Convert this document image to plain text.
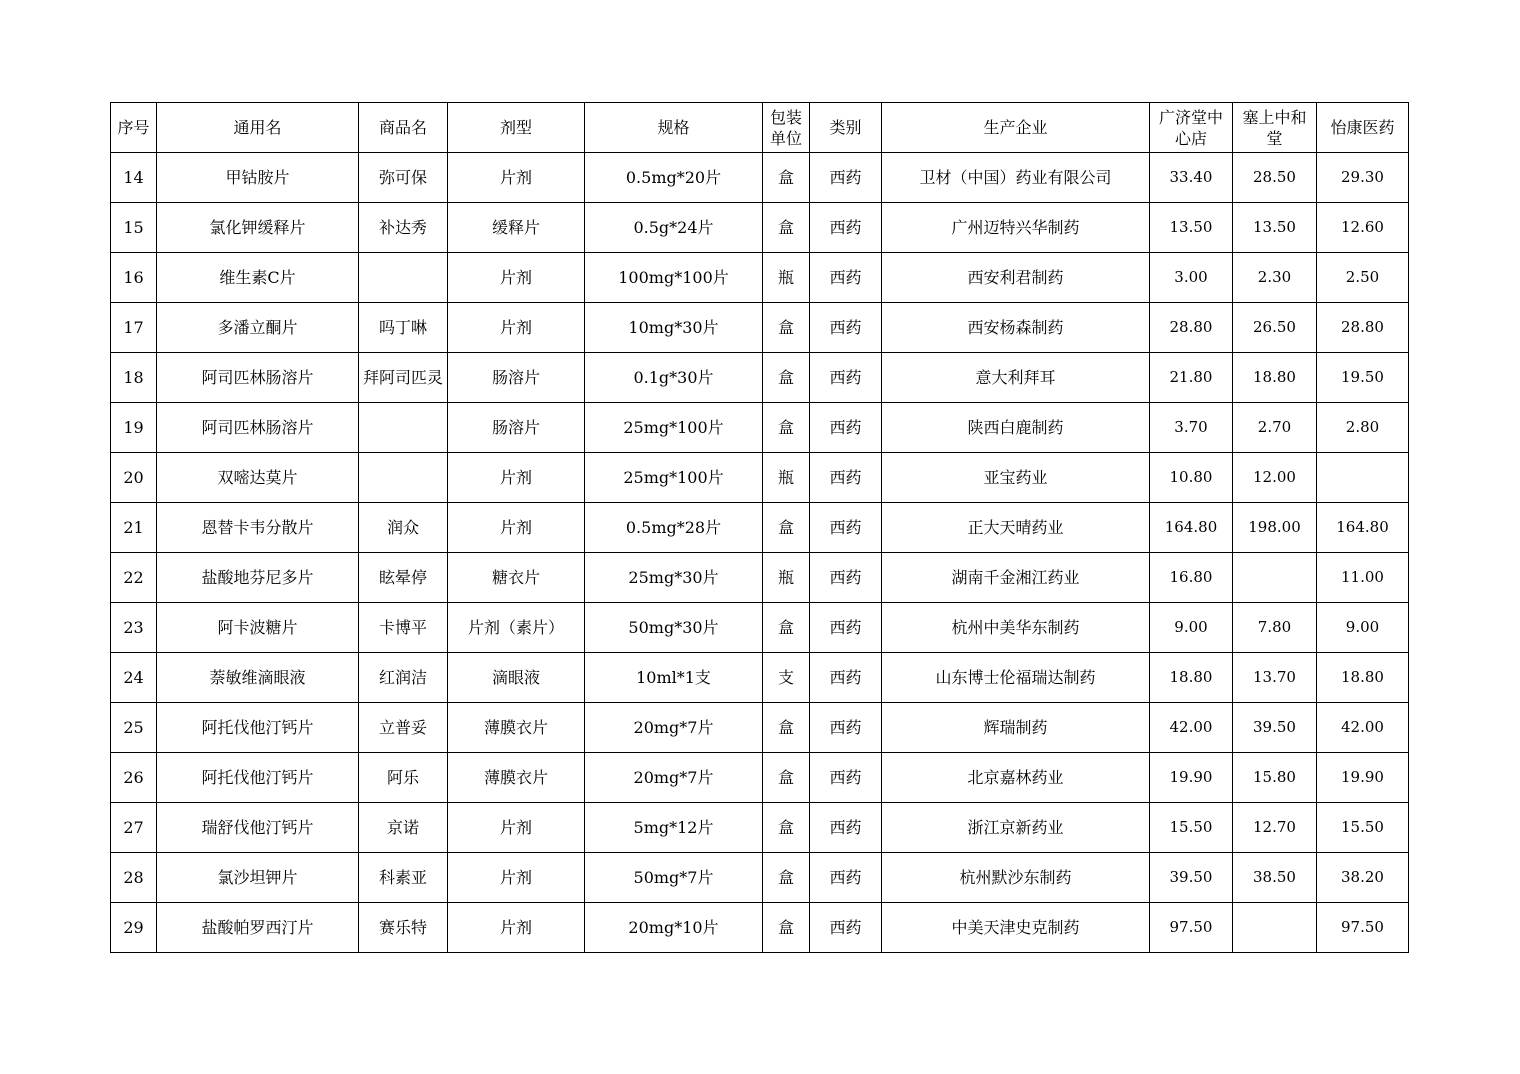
序号	通用名	商品名	剂型	规格	包装单位	类别	生产企业	广济堂中心店	塞上中和堂	怡康医药
14	甲钴胺片	弥可保	片剂	0.5mg*20片	盒	西药	卫材（中国）药业有限公司	33.40	28.50	29.30
15	氯化钾缓释片	补达秀	缓释片	0.5g*24片	盒	西药	广州迈特兴华制药	13.50	13.50	12.60
16	维生素C片		片剂	100mg*100片	瓶	西药	西安利君制药	3.00	2.30	2.50
17	多潘立酮片	吗丁啉	片剂	10mg*30片	盒	西药	西安杨森制药	28.80	26.50	28.80
18	阿司匹林肠溶片	拜阿司匹灵	肠溶片	0.1g*30片	盒	西药	意大利拜耳	21.80	18.80	19.50
19	阿司匹林肠溶片		肠溶片	25mg*100片	盒	西药	陕西白鹿制药	3.70	2.70	2.80
20	双嘧达莫片		片剂	25mg*100片	瓶	西药	亚宝药业	10.80	12.00	
21	恩替卡韦分散片	润众	片剂	0.5mg*28片	盒	西药	正大天晴药业	164.80	198.00	164.80
22	盐酸地芬尼多片	眩晕停	糖衣片	25mg*30片	瓶	西药	湖南千金湘江药业	16.80		11.00
23	阿卡波糖片	卡博平	片剂（素片）	50mg*30片	盒	西药	杭州中美华东制药	9.00	7.80	9.00
24	萘敏维滴眼液	红润洁	滴眼液	10ml*1支	支	西药	山东博士伦福瑞达制药	18.80	13.70	18.80
25	阿托伐他汀钙片	立普妥	薄膜衣片	20mg*7片	盒	西药	辉瑞制药	42.00	39.50	42.00
26	阿托伐他汀钙片	阿乐	薄膜衣片	20mg*7片	盒	西药	北京嘉林药业	19.90	15.80	19.90
27	瑞舒伐他汀钙片	京诺	片剂	5mg*12片	盒	西药	浙江京新药业	15.50	12.70	15.50
28	氯沙坦钾片	科素亚	片剂	50mg*7片	盒	西药	杭州默沙东制药	39.50	38.50	38.20
29	盐酸帕罗西汀片	赛乐特	片剂	20mg*10片	盒	西药	中美天津史克制药	97.50		97.50
